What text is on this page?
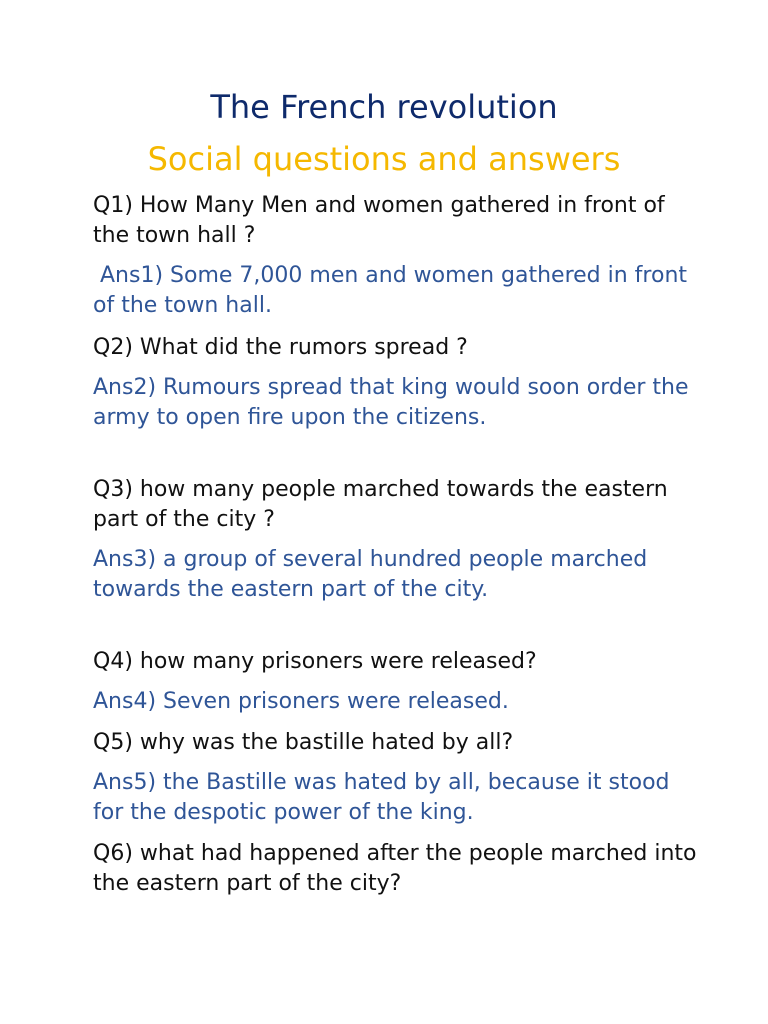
The French revolution
Social questions and answers

Q1) How Many Men and women gathered in front of the town hall ?

Ans1) Some 7,000 men and women gathered in front of the town hall.

Q2) What did the rumors spread ?

Ans2) Rumours spread that king would soon order the army to open fire upon the citizens.

Q3) how many people marched towards the eastern part of the city ?

Ans3) a group of several hundred people marched towards the eastern part of the city.

Q4) how many prisoners were released?

Ans4) Seven prisoners were released.

Q5) why was the bastille hated by all?

Ans5) the Bastille was hated by all, because it stood for the despotic power of the king.

Q6) what had happened after the people marched into the eastern part of the city?
